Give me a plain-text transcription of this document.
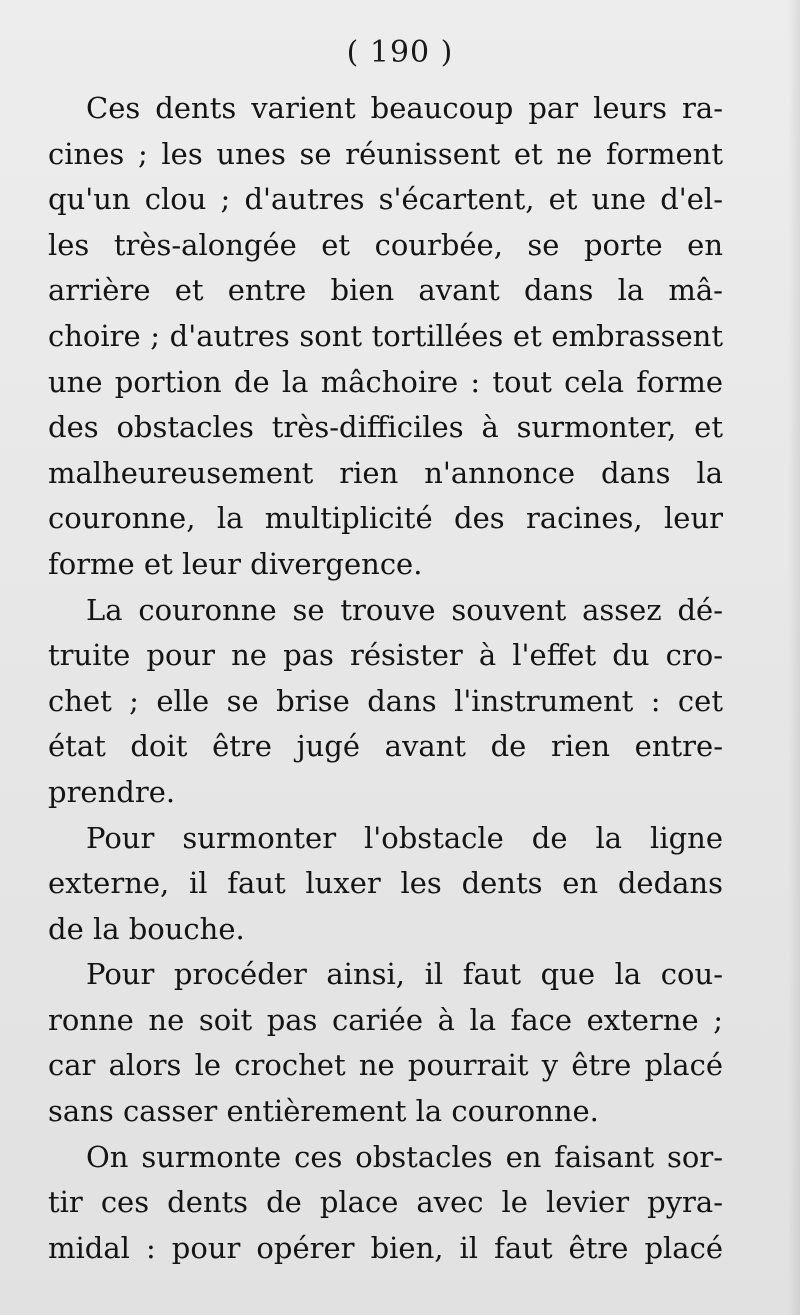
( 190 )
Ces dents varient beaucoup par leurs ra-
cines ; les unes se réunissent et ne forment
qu'un clou ; d'autres s'écartent, et une d'el-
les très-alongée et courbée, se porte en
arrière et entre bien avant dans la mâ-
choire ; d'autres sont tortillées et embrassent
une portion de la mâchoire : tout cela forme
des obstacles très-difficiles à surmonter, et
malheureusement rien n'annonce dans la
couronne, la multiplicité des racines, leur
forme et leur divergence.
La couronne se trouve souvent assez dé-
truite pour ne pas résister à l'effet du cro-
chet ; elle se brise dans l'instrument : cet
état doit être jugé avant de rien entre-
prendre.
Pour surmonter l'obstacle de la ligne
externe, il faut luxer les dents en dedans
de la bouche.
Pour procéder ainsi, il faut que la cou-
ronne ne soit pas cariée à la face externe ;
car alors le crochet ne pourrait y être placé
sans casser entièrement la couronne.
On surmonte ces obstacles en faisant sor-
tir ces dents de place avec le levier pyra-
midal : pour opérer bien, il faut être placé
